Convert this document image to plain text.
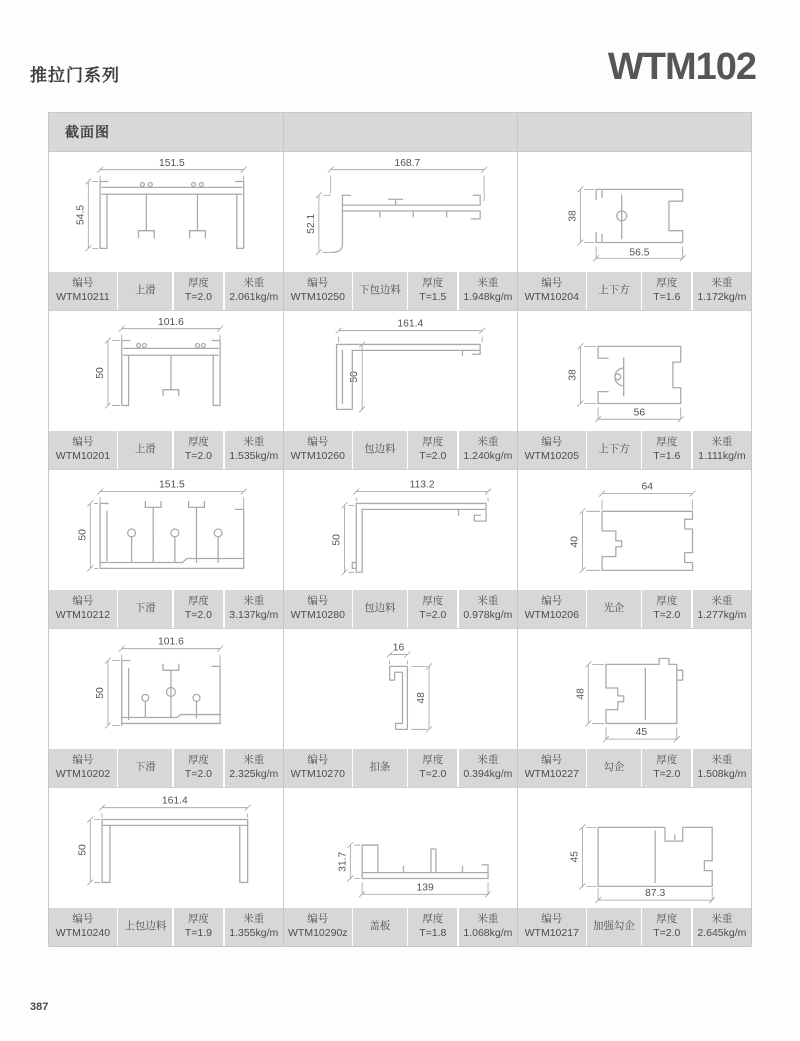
推拉门系列	WTM102
截面图
151.5
54.5
编号
WTM10211
上滑
厚度
T=2.0
米重
2.061kg/m
168.7
52.1
编号
WTM10250
下包边料
厚度
T=1.5
米重
1.948kg/m
38
56.5
编号
WTM10204
上下方
厚度
T=1.6
米重
1.172kg/m
101.6
50
编号
WTM10201
上滑
厚度
T=2.0
米重
1.535kg/m
161.4
50
编号
WTM10260
包边料
厚度
T=2.0
米重
1.240kg/m
38
56
编号
WTM10205
上下方
厚度
T=1.6
米重
1.111kg/m
151.5
50
编号
WTM10212
下滑
厚度
T=2.0
米重
3.137kg/m
113.2
50
编号
WTM10280
包边料
厚度
T=2.0
米重
0.978kg/m
64
40
编号
WTM10206
光企
厚度
T=2.0
米重
1.277kg/m
101.6
50
编号
WTM10202
下滑
厚度
T=2.0
米重
2.325kg/m
16
48
编号
WTM10270
扣条
厚度
T=2.0
米重
0.394kg/m
48
45
编号
WTM10227
勾企
厚度
T=2.0
米重
1.508kg/m
161.4
50
编号
WTM10240
上包边料
厚度
T=1.9
米重
1.355kg/m
31.7
139
编号
WTM10290z
盖板
厚度
T=1.8
米重
1.068kg/m
45
87.3
编号
WTM10217
加强勾企
厚度
T=2.0
米重
2.645kg/m
387
